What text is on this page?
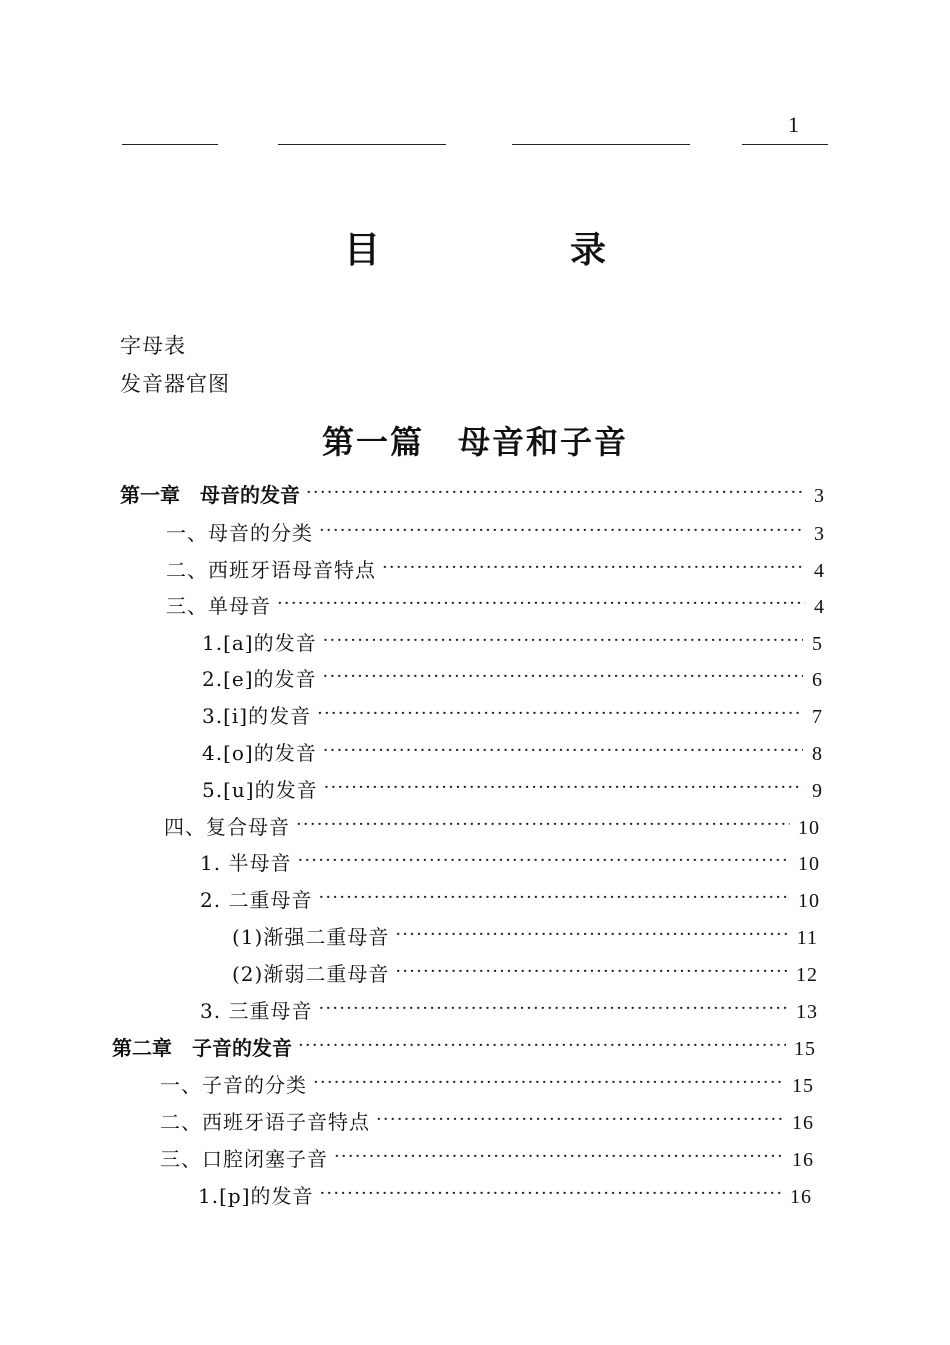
1
目	录
字母表
发音器官图
第一篇　母音和子音
第一章　母音的发音 ·····	3
一、母音的分类 ·····	3
二、西班牙语母音特点 ·····	4
三、单母音 ·····	4
1.[a]的发音 ·····	5
2.[e]的发音 ·····	6
3.[i]的发音 ·····	7
4.[o]的发音 ·····	8
5.[u]的发音 ·····	9
四、复合母音 ·····	10
1. 半母音 ·····	10
2. 二重母音 ·····	10
(1)渐强二重母音 ·····	11
(2)渐弱二重母音 ·····	12
3. 三重母音 ·····	13
第二章　子音的发音 ·····	15
一、子音的分类 ·····	15
二、西班牙语子音特点 ·····	16
三、口腔闭塞子音 ·····	16
1.[p]的发音 ·····	16
